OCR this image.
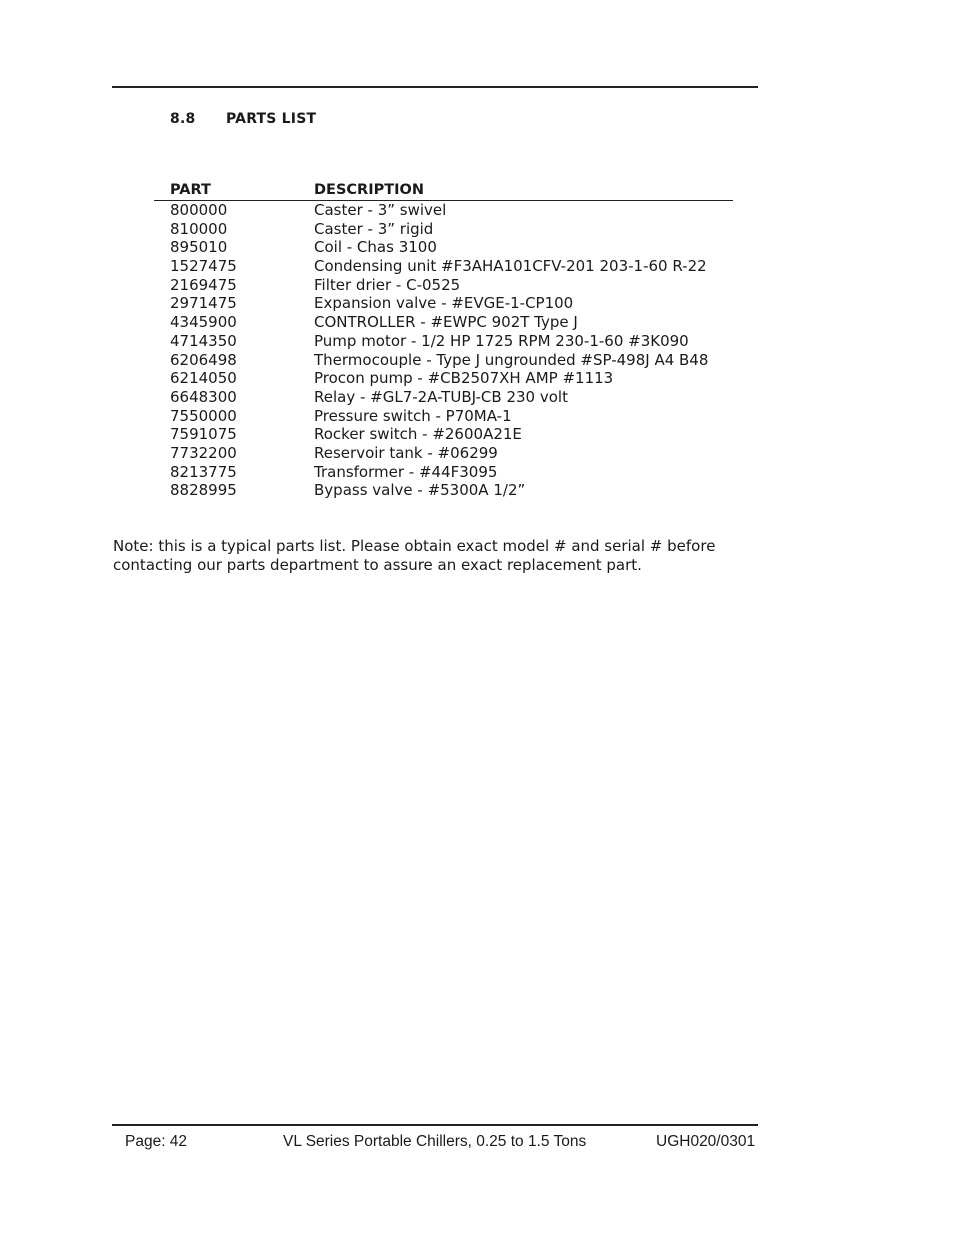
8.8 PARTS LIST
PART	DESCRIPTION
800000	Caster - 3” swivel
810000	Caster - 3” rigid
895010	Coil - Chas 3100
1527475	Condensing unit #F3AHA101CFV-201 203-1-60 R-22
2169475	Filter drier - C-0525
2971475	Expansion valve - #EVGE-1-CP100
4345900	CONTROLLER - #EWPC 902T Type J
4714350	Pump motor - 1/2 HP 1725 RPM 230-1-60 #3K090
6206498	Thermocouple - Type J ungrounded #SP-498J A4 B48
6214050	Procon pump - #CB2507XH AMP #1113
6648300	Relay - #GL7-2A-TUBJ-CB 230 volt
7550000	Pressure switch - P70MA-1
7591075	Rocker switch - #2600A21E
7732200	Reservoir tank - #06299
8213775	Transformer - #44F3095
8828995	Bypass valve - #5300A 1/2”
Note: this is a typical parts list. Please obtain exact model # and serial # before contacting our parts department to assure an exact replacement part.
Page: 42	VL Series Portable Chillers, 0.25 to 1.5 Tons	UGH020/0301
